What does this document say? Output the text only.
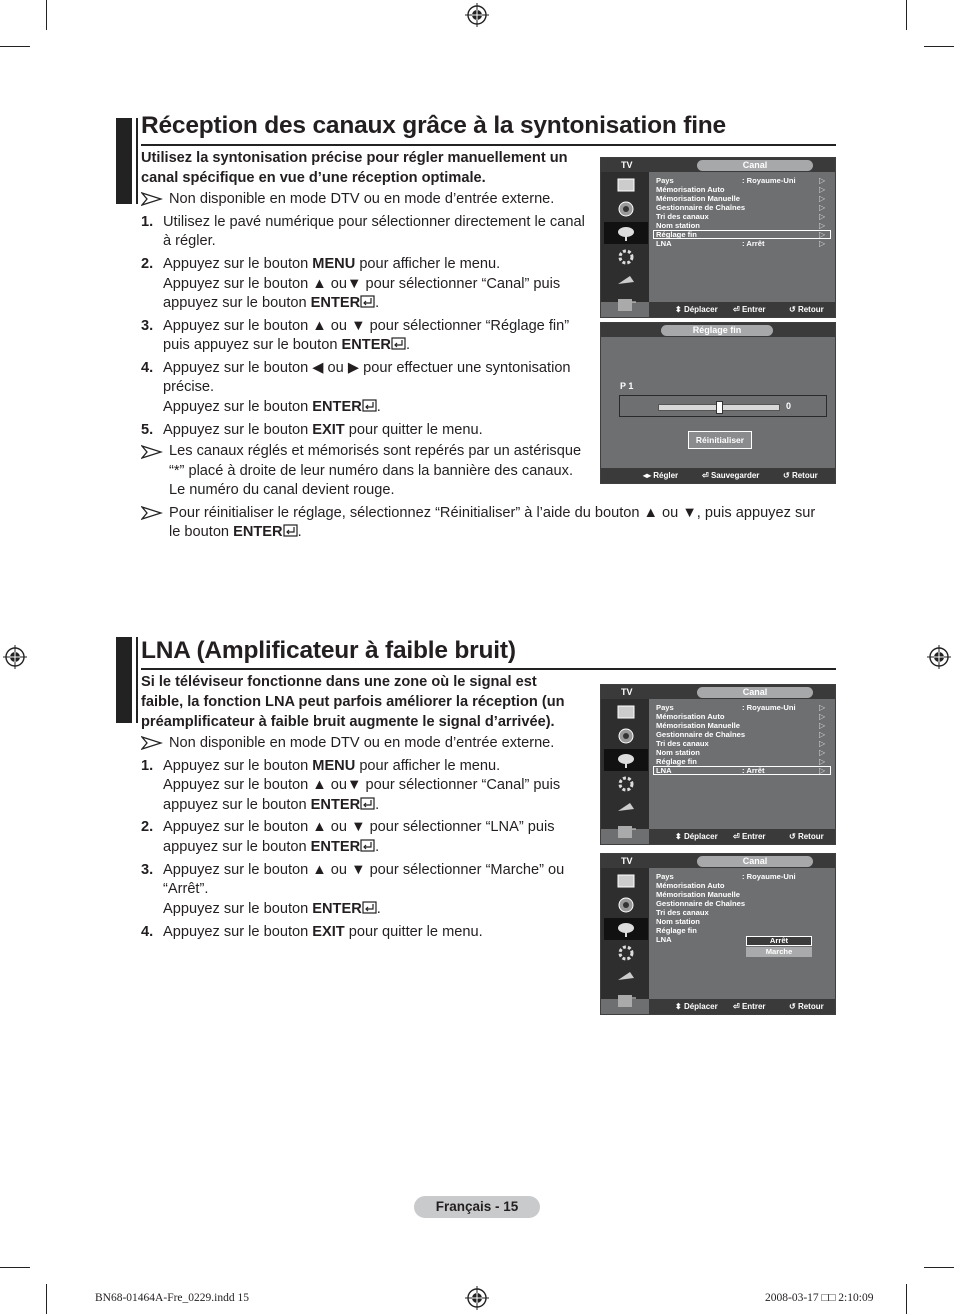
Réception des canaux grâce à la syntonisation fine
Utilisez la syntonisation précise pour régler manuellement un
canal spécifique en vue d’une réception optimale.
Non disponible en mode DTV ou en mode d’entrée externe.
1. Utilisez le pavé numérique pour sélectionner directement le canal
à régler.
2. Appuyez sur le bouton MENU pour afficher le menu.
Appuyez sur le bouton ▲ ou▼ pour sélectionner “Canal” puis
appuyez sur le bouton ENTER .
3. Appuyez sur le bouton ▲ ou ▼ pour sélectionner “Réglage fin”
puis appuyez sur le bouton ENTER .
4. Appuyez sur le bouton ◀ ou ▶ pour effectuer une syntonisation
précise.
Appuyez sur le bouton ENTER .
5. Appuyez sur le bouton EXIT pour quitter le menu.
Les canaux réglés et mémorisés sont repérés par un astérisque
“*” placé à droite de leur numéro dans la bannière des canaux.
Le numéro du canal devient rouge.
Pour réinitialiser le réglage, sélectionnez “Réinitialiser” à l’aide du bouton ▲ ou ▼, puis appuyez sur
le bouton ENTER .
TV	Canal
Pays	: Royaume-Uni	▷
Mémorisation Auto	▷
Mémorisation Manuelle	▷
Gestionnaire de Chaînes	▷
Tri des canaux	▷
Nom station	▷
Réglage fin	▷
LNA	: Arrêt	▷
⬍ Déplacer ⏎ Entrer	↺ Retour
Réglage fin
P 1
0
Réinitialiser
◂▸ Régler	⏎ Sauvegarder	↺ Retour
LNA (Amplificateur à faible bruit)
Si le téléviseur fonctionne dans une zone où le signal est
faible, la fonction LNA peut parfois améliorer la réception (un
préamplificateur à faible bruit augmente le signal d’arrivée).
Non disponible en mode DTV ou en mode d’entrée externe.
1. Appuyez sur le bouton MENU pour afficher le menu.
Appuyez sur le bouton ▲ ou▼ pour sélectionner “Canal” puis
appuyez sur le bouton ENTER .
2. Appuyez sur le bouton ▲ ou ▼ pour sélectionner “LNA” puis
appuyez sur le bouton ENTER .
3. Appuyez sur le bouton ▲ ou ▼ pour sélectionner “Marche” ou
“Arrêt”.
Appuyez sur le bouton ENTER .
4. Appuyez sur le bouton EXIT pour quitter le menu.
TV	Canal
Pays	: Royaume-Uni	▷
Mémorisation Auto	▷
Mémorisation Manuelle	▷
Gestionnaire de Chaînes	▷
Tri des canaux	▷
Nom station	▷
Réglage fin	▷
LNA	: Arrêt	▷
⬍ Déplacer ⏎ Entrer	↺ Retour
TV	Canal
Pays	: Royaume-Uni
Mémorisation Auto
Mémorisation Manuelle
Gestionnaire de Chaînes
Tri des canaux
Nom station
Réglage fin
LNA	Arrêt
Marche
⬍ Déplacer ⏎ Entrer	↺ Retour
Français - 15
BN68-01464A-Fre_0229.indd 15	2008-03-17 □□ 2:10:09
